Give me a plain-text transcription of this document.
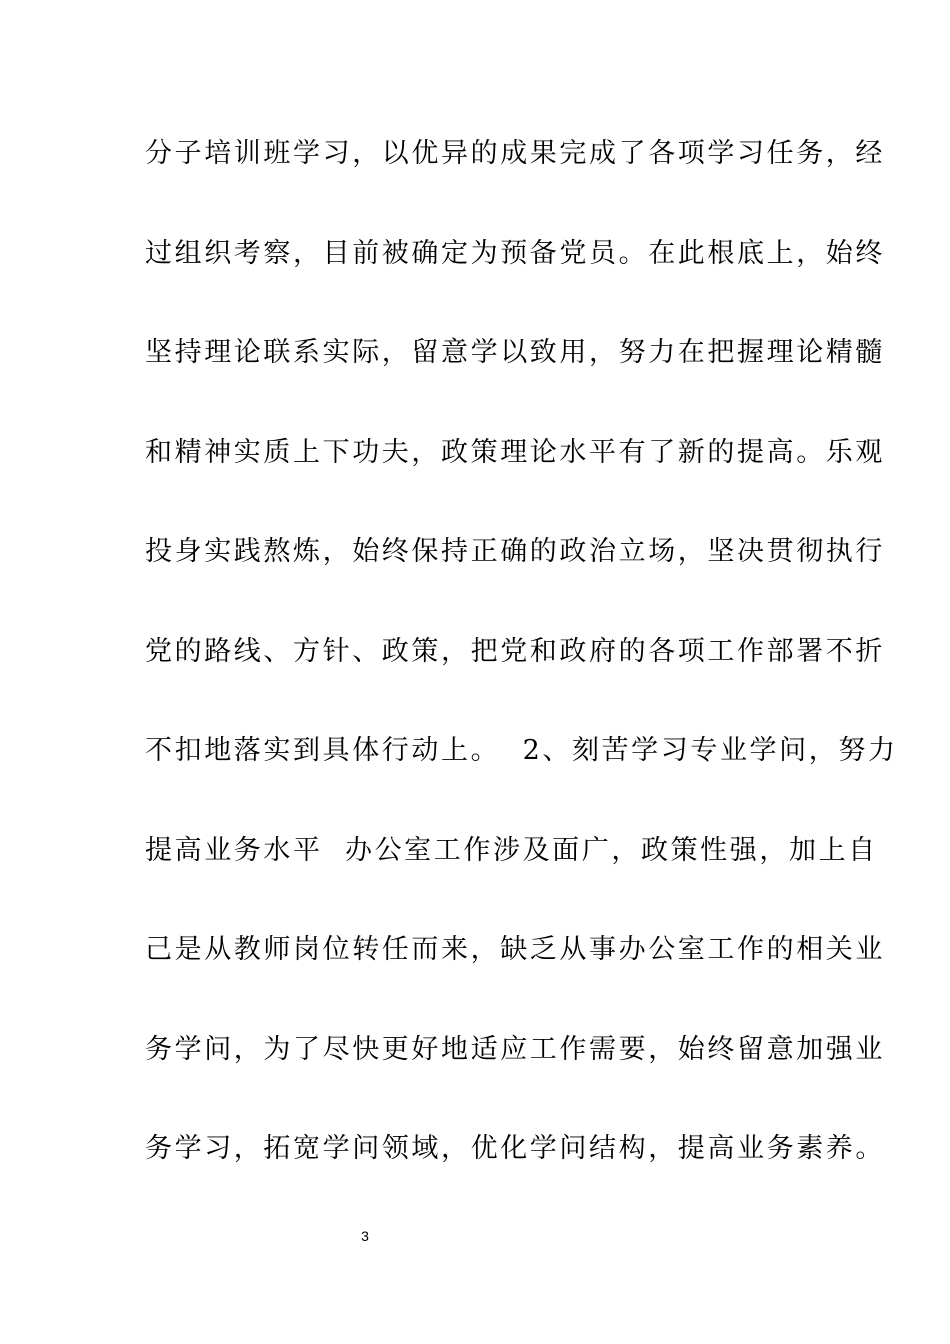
分子培训班学习，以优异的成果完成了各项学习任务，经
过组织考察，目前被确定为预备党员。在此根底上，始终
坚持理论联系实际，留意学以致用，努力在把握理论精髓
和精神实质上下功夫，政策理论水平有了新的提高。乐观
投身实践熬炼，始终保持正确的政治立场，坚决贯彻执行
党的路线、方针、政策，把党和政府的各项工作部署不折
不扣地落实到具体行动上。  2、刻苦学习专业学问，努力
提高业务水平  办公室工作涉及面广，政策性强，加上自
己是从教师岗位转任而来，缺乏从事办公室工作的相关业
务学问，为了尽快更好地适应工作需要，始终留意加强业
务学习，拓宽学问领域，优化学问结构，提高业务素养。
3
